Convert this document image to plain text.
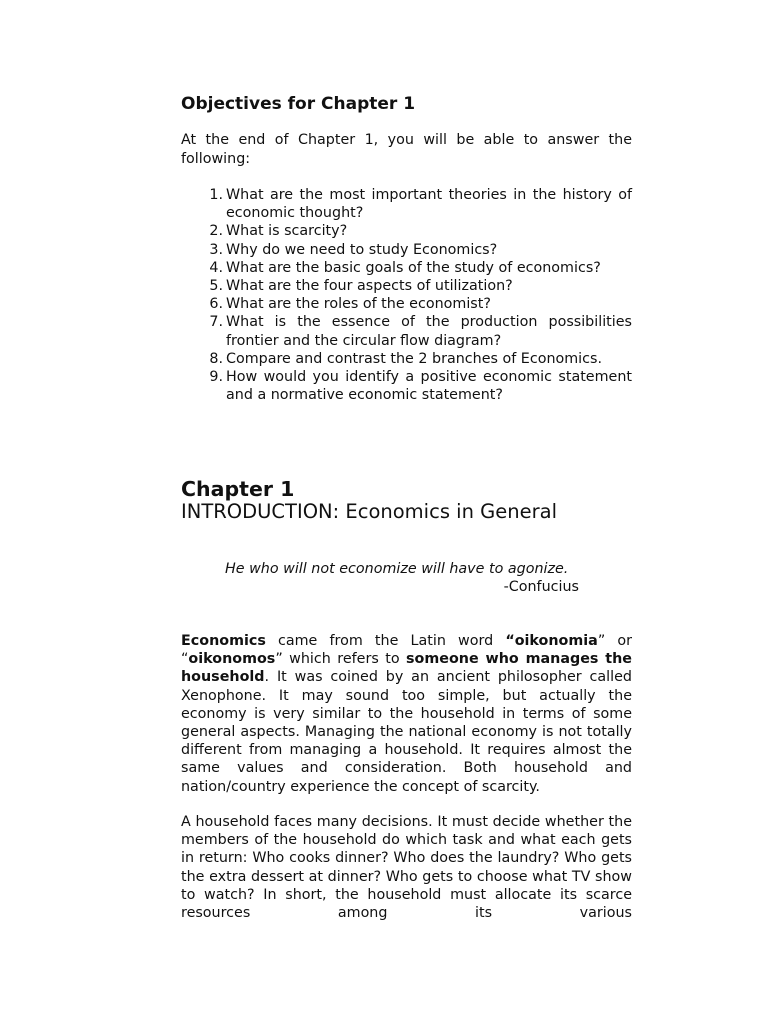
Objectives for Chapter 1
At the end of Chapter 1, you will be able to answer the following:
1. What are the most important theories in the history of economic thought?
2. What is scarcity?
3. Why do we need to study Economics?
4. What are the basic goals of the study of economics?
5. What are the four aspects of utilization?
6. What are the roles of the economist?
7. What is the essence of the production possibilities frontier and the circular flow diagram?
8. Compare and contrast the 2 branches of Economics.
9. How would you identify a positive economic statement and a normative economic statement?
Chapter 1
INTRODUCTION: Economics in General
He who will not economize will have to agonize.
-Confucius

Economics came from the Latin word “oikonomia” or “oikonomos” which refers to someone who manages the household. It was coined by an ancient philosopher called Xenophone. It may sound too simple, but actually the economy is very similar to the household in terms of some general aspects. Managing the national economy is not totally different from managing a household. It requires almost the same values and consideration. Both household and nation/country experience the concept of scarcity.

A household faces many decisions. It must decide whether the members of the household do which task and what each gets in return: Who cooks dinner? Who does the laundry? Who gets the extra dessert at dinner? Who gets to choose what TV show to watch? In short, the household must allocate its scarce resources among its various
